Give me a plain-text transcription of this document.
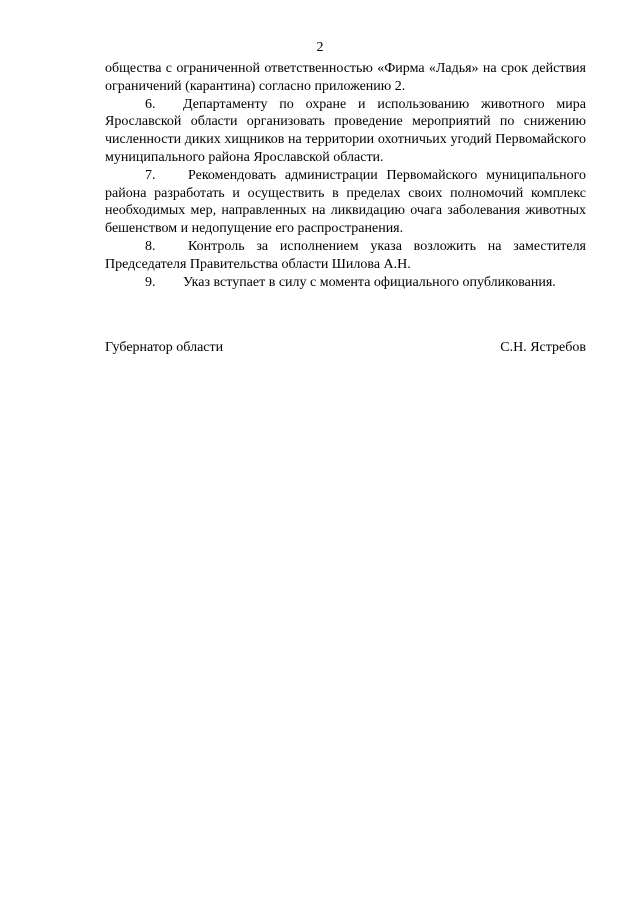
2

общества с ограниченной ответственностью «Фирма «Ладья» на срок действия ограничений (карантина) согласно приложению 2.

6. Департаменту по охране и использованию животного мира Ярославской области организовать проведение мероприятий по снижению численности диких хищников на территории охотничьих угодий Первомайского муниципального района Ярославской области.

7. Рекомендовать администрации Первомайского муниципального района разработать и осуществить в пределах своих полномочий комплекс необходимых мер, направленных на ликвидацию очага заболевания животных бешенством и недопущение его распространения.

8. Контроль за исполнением указа возложить на заместителя Председателя Правительства области Шилова А.Н.

9. Указ вступает в силу с момента официального опубликования.

Губернатор области	С.Н. Ястребов
